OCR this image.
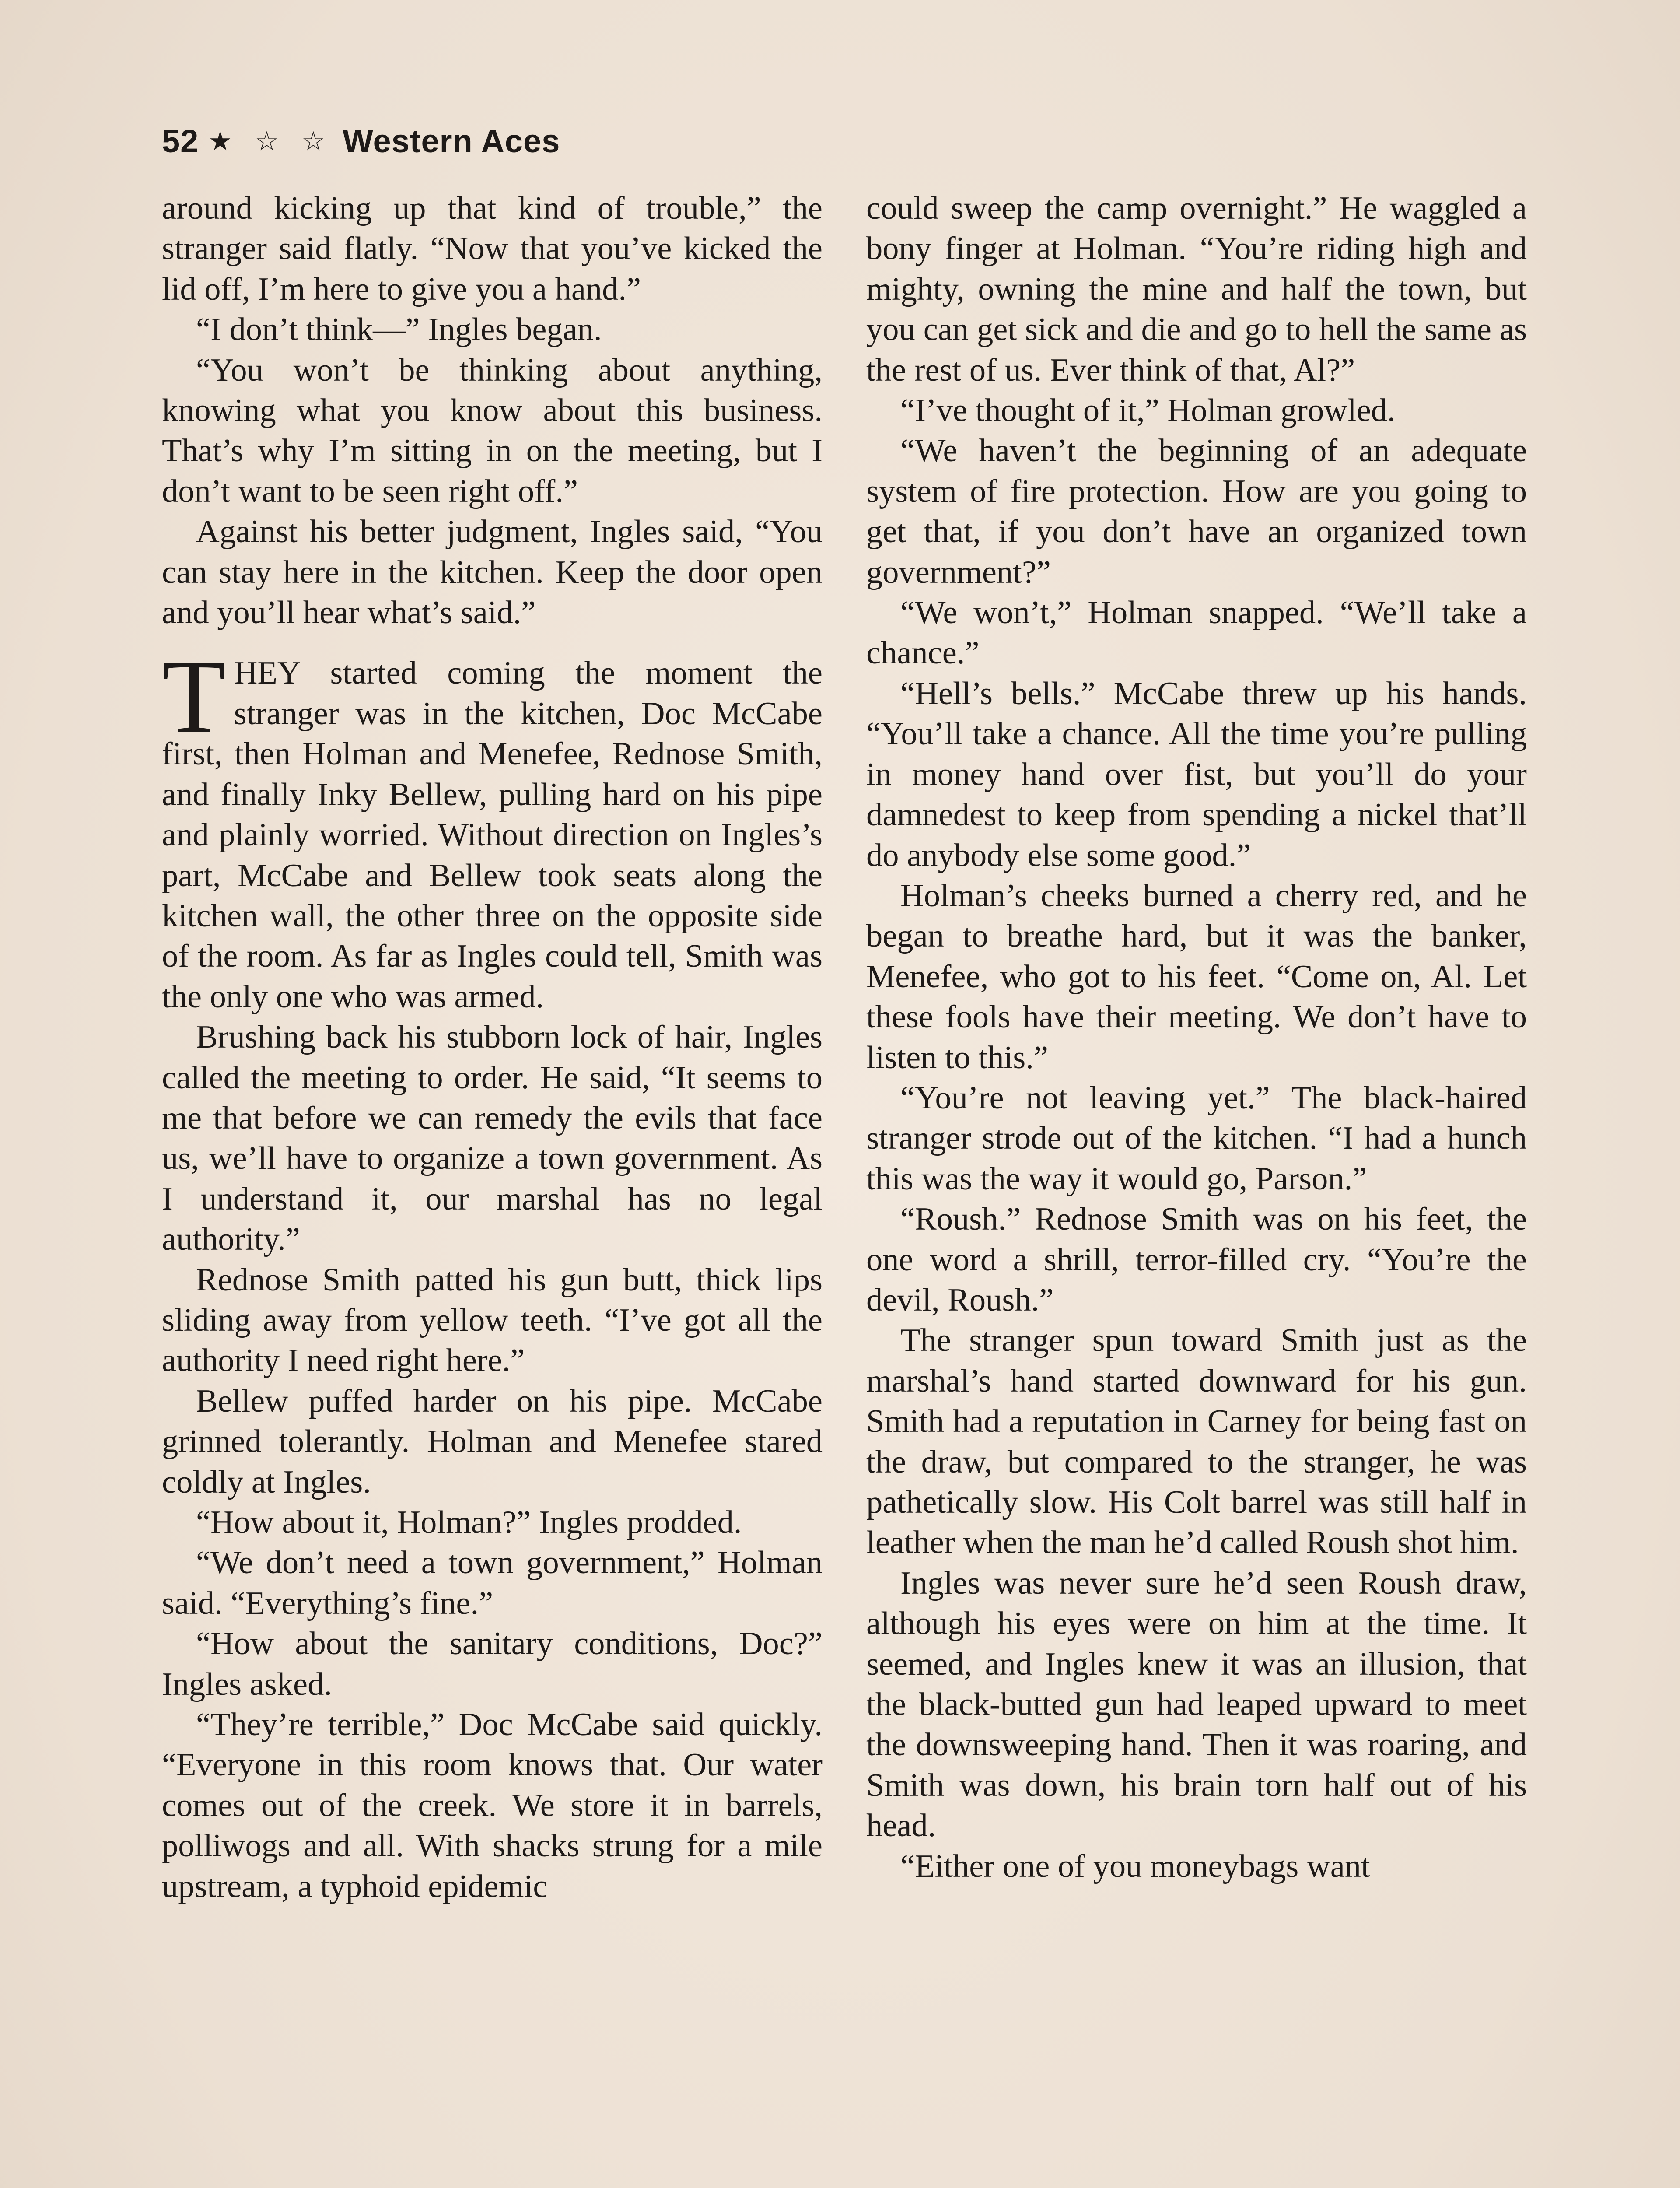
52 ★ ☆ ☆ Western Aces

around kicking up that kind of trouble,” the stranger said flatly. “Now that you’ve kicked the lid off, I’m here to give you a hand.”

“I don’t think—” Ingles began.

“You won’t be thinking about anything, knowing what you know about this business. That’s why I’m sitting in on the meeting, but I don’t want to be seen right off.”

Against his better judgment, Ingles said, “You can stay here in the kitchen. Keep the door open and you’ll hear what’s said.”

THEY started coming the moment the stranger was in the kitchen, Doc McCabe first, then Holman and Menefee, Rednose Smith, and finally Inky Bellew, pulling hard on his pipe and plainly worried. Without direction on Ingles’s part, McCabe and Bellew took seats along the kitchen wall, the other three on the opposite side of the room. As far as Ingles could tell, Smith was the only one who was armed.

Brushing back his stubborn lock of hair, Ingles called the meeting to order. He said, “It seems to me that before we can remedy the evils that face us, we’ll have to organize a town government. As I understand it, our marshal has no legal authority.”

Rednose Smith patted his gun butt, thick lips sliding away from yellow teeth. “I’ve got all the authority I need right here.”

Bellew puffed harder on his pipe. McCabe grinned tolerantly. Holman and Menefee stared coldly at Ingles.

“How about it, Holman?” Ingles prodded.

“We don’t need a town government,” Holman said. “Everything’s fine.”

“How about the sanitary conditions, Doc?” Ingles asked.

“They’re terrible,” Doc McCabe said quickly. “Everyone in this room knows that. Our water comes out of the creek. We store it in barrels, polliwogs and all. With shacks strung for a mile upstream, a typhoid epidemic

could sweep the camp overnight.” He waggled a bony finger at Holman. “You’re riding high and mighty, owning the mine and half the town, but you can get sick and die and go to hell the same as the rest of us. Ever think of that, Al?”

“I’ve thought of it,” Holman growled.

“We haven’t the beginning of an adequate system of fire protection. How are you going to get that, if you don’t have an organized town government?”

“We won’t,” Holman snapped. “We’ll take a chance.”

“Hell’s bells.” McCabe threw up his hands. “You’ll take a chance. All the time you’re pulling in money hand over fist, but you’ll do your damnedest to keep from spending a nickel that’ll do anybody else some good.”

Holman’s cheeks burned a cherry red, and he began to breathe hard, but it was the banker, Menefee, who got to his feet. “Come on, Al. Let these fools have their meeting. We don’t have to listen to this.”

“You’re not leaving yet.” The black-haired stranger strode out of the kitchen. “I had a hunch this was the way it would go, Parson.”

“Roush.” Rednose Smith was on his feet, the one word a shrill, terror-filled cry. “You’re the devil, Roush.”

The stranger spun toward Smith just as the marshal’s hand started downward for his gun. Smith had a reputation in Carney for being fast on the draw, but compared to the stranger, he was pathetically slow. His Colt barrel was still half in leather when the man he’d called Roush shot him.

Ingles was never sure he’d seen Roush draw, although his eyes were on him at the time. It seemed, and Ingles knew it was an illusion, that the black-butted gun had leaped upward to meet the downsweeping hand. Then it was roaring, and Smith was down, his brain torn half out of his head.

“Either one of you moneybags want
